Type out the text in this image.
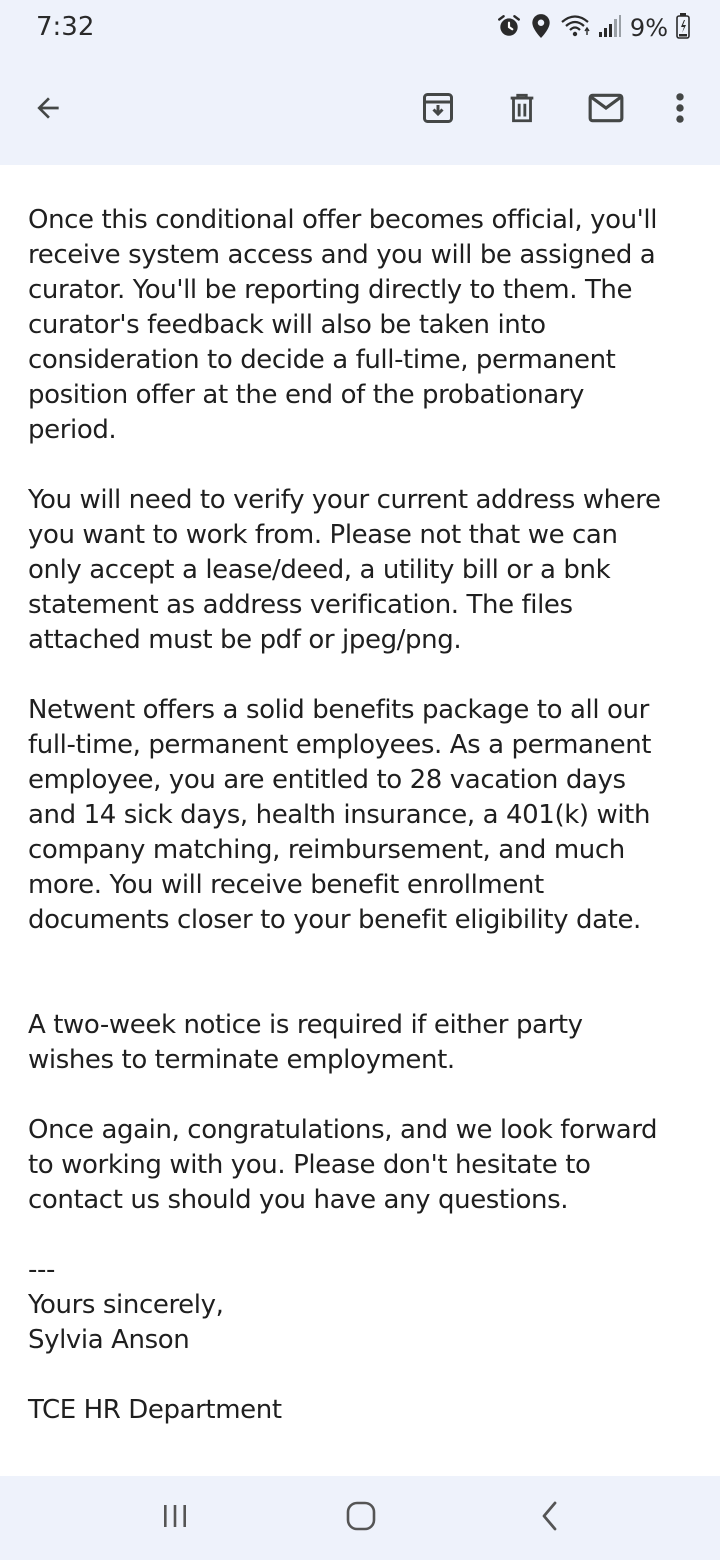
Once this conditional offer becomes official, you'll
receive system access and you will be assigned a
curator. You'll be reporting directly to them. The
curator's feedback will also be taken into
consideration to decide a full-time, permanent
position offer at the end of the probationary
period.
You will need to verify your current address where
you want to work from. Please not that we can
only accept a lease/deed, a utility bill or a bnk
statement as address verification. The files
attached must be pdf or jpeg/png.
Netwent offers a solid benefits package to all our
full-time, permanent employees. As a permanent
employee, you are entitled to 28 vacation days
and 14 sick days, health insurance, a 401(k) with
company matching, reimbursement, and much
more. You will receive benefit enrollment
documents closer to your benefit eligibility date.
A two-week notice is required if either party
wishes to terminate employment.
Once again, congratulations, and we look forward
to working with you. Please don't hesitate to
contact us should you have any questions.
---
Yours sincerely,
Sylvia Anson
TCE HR Department
7:32	9%
